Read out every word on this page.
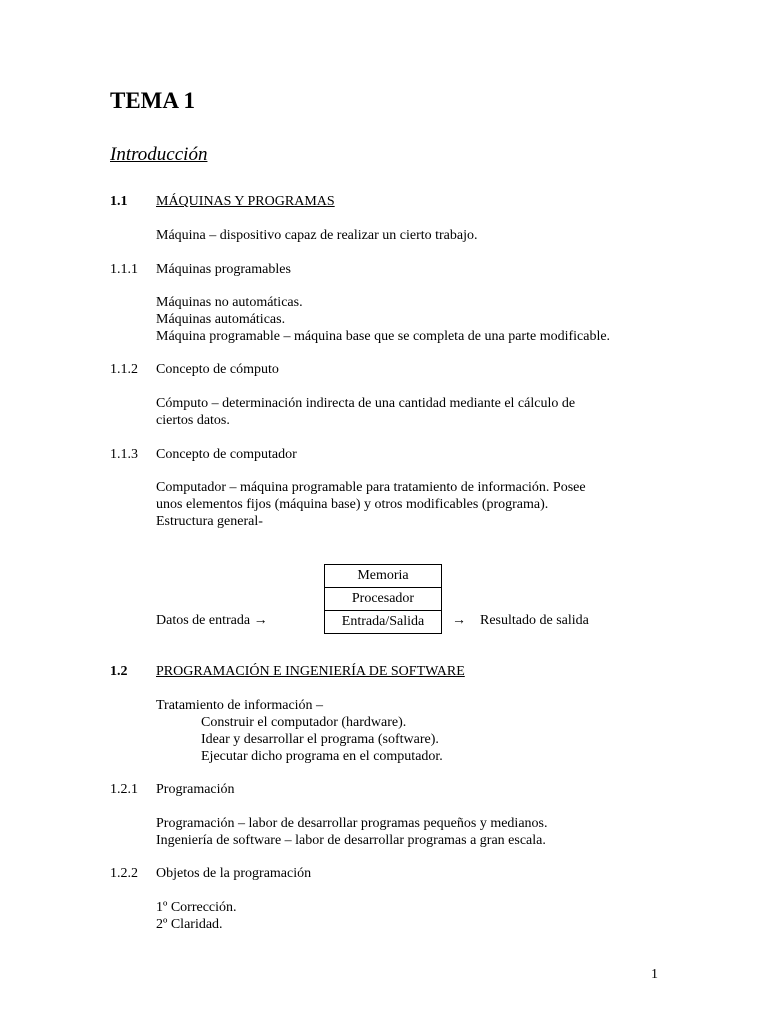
TEMA 1
Introducción
1.1 MÁQUINAS Y PROGRAMAS
Máquina – dispositivo capaz de realizar un cierto trabajo.
1.1.1 Máquinas programables
Máquinas no automáticas.
Máquinas automáticas.
Máquina programable – máquina base que se completa de una parte modificable.
1.1.2 Concepto de cómputo
Cómputo – determinación indirecta de una cantidad mediante el cálculo de
ciertos datos.
1.1.3 Concepto de computador
Computador – máquina programable para tratamiento de información. Posee
unos elementos fijos (máquina base) y otros modificables (programa).
Estructura general-
Memoria
Procesador
Entrada/Salida
Datos de entrada →	→ Resultado de salida
1.2 PROGRAMACIÓN E INGENIERÍA DE SOFTWARE
Tratamiento de información –
Construir el computador (hardware).
Idear y desarrollar el programa (software).
Ejecutar dicho programa en el computador.
1.2.1 Programación
Programación – labor de desarrollar programas pequeños y medianos.
Ingeniería de software – labor de desarrollar programas a gran escala.
1.2.2 Objetos de la programación
1º Corrección.
2º Claridad.
1
